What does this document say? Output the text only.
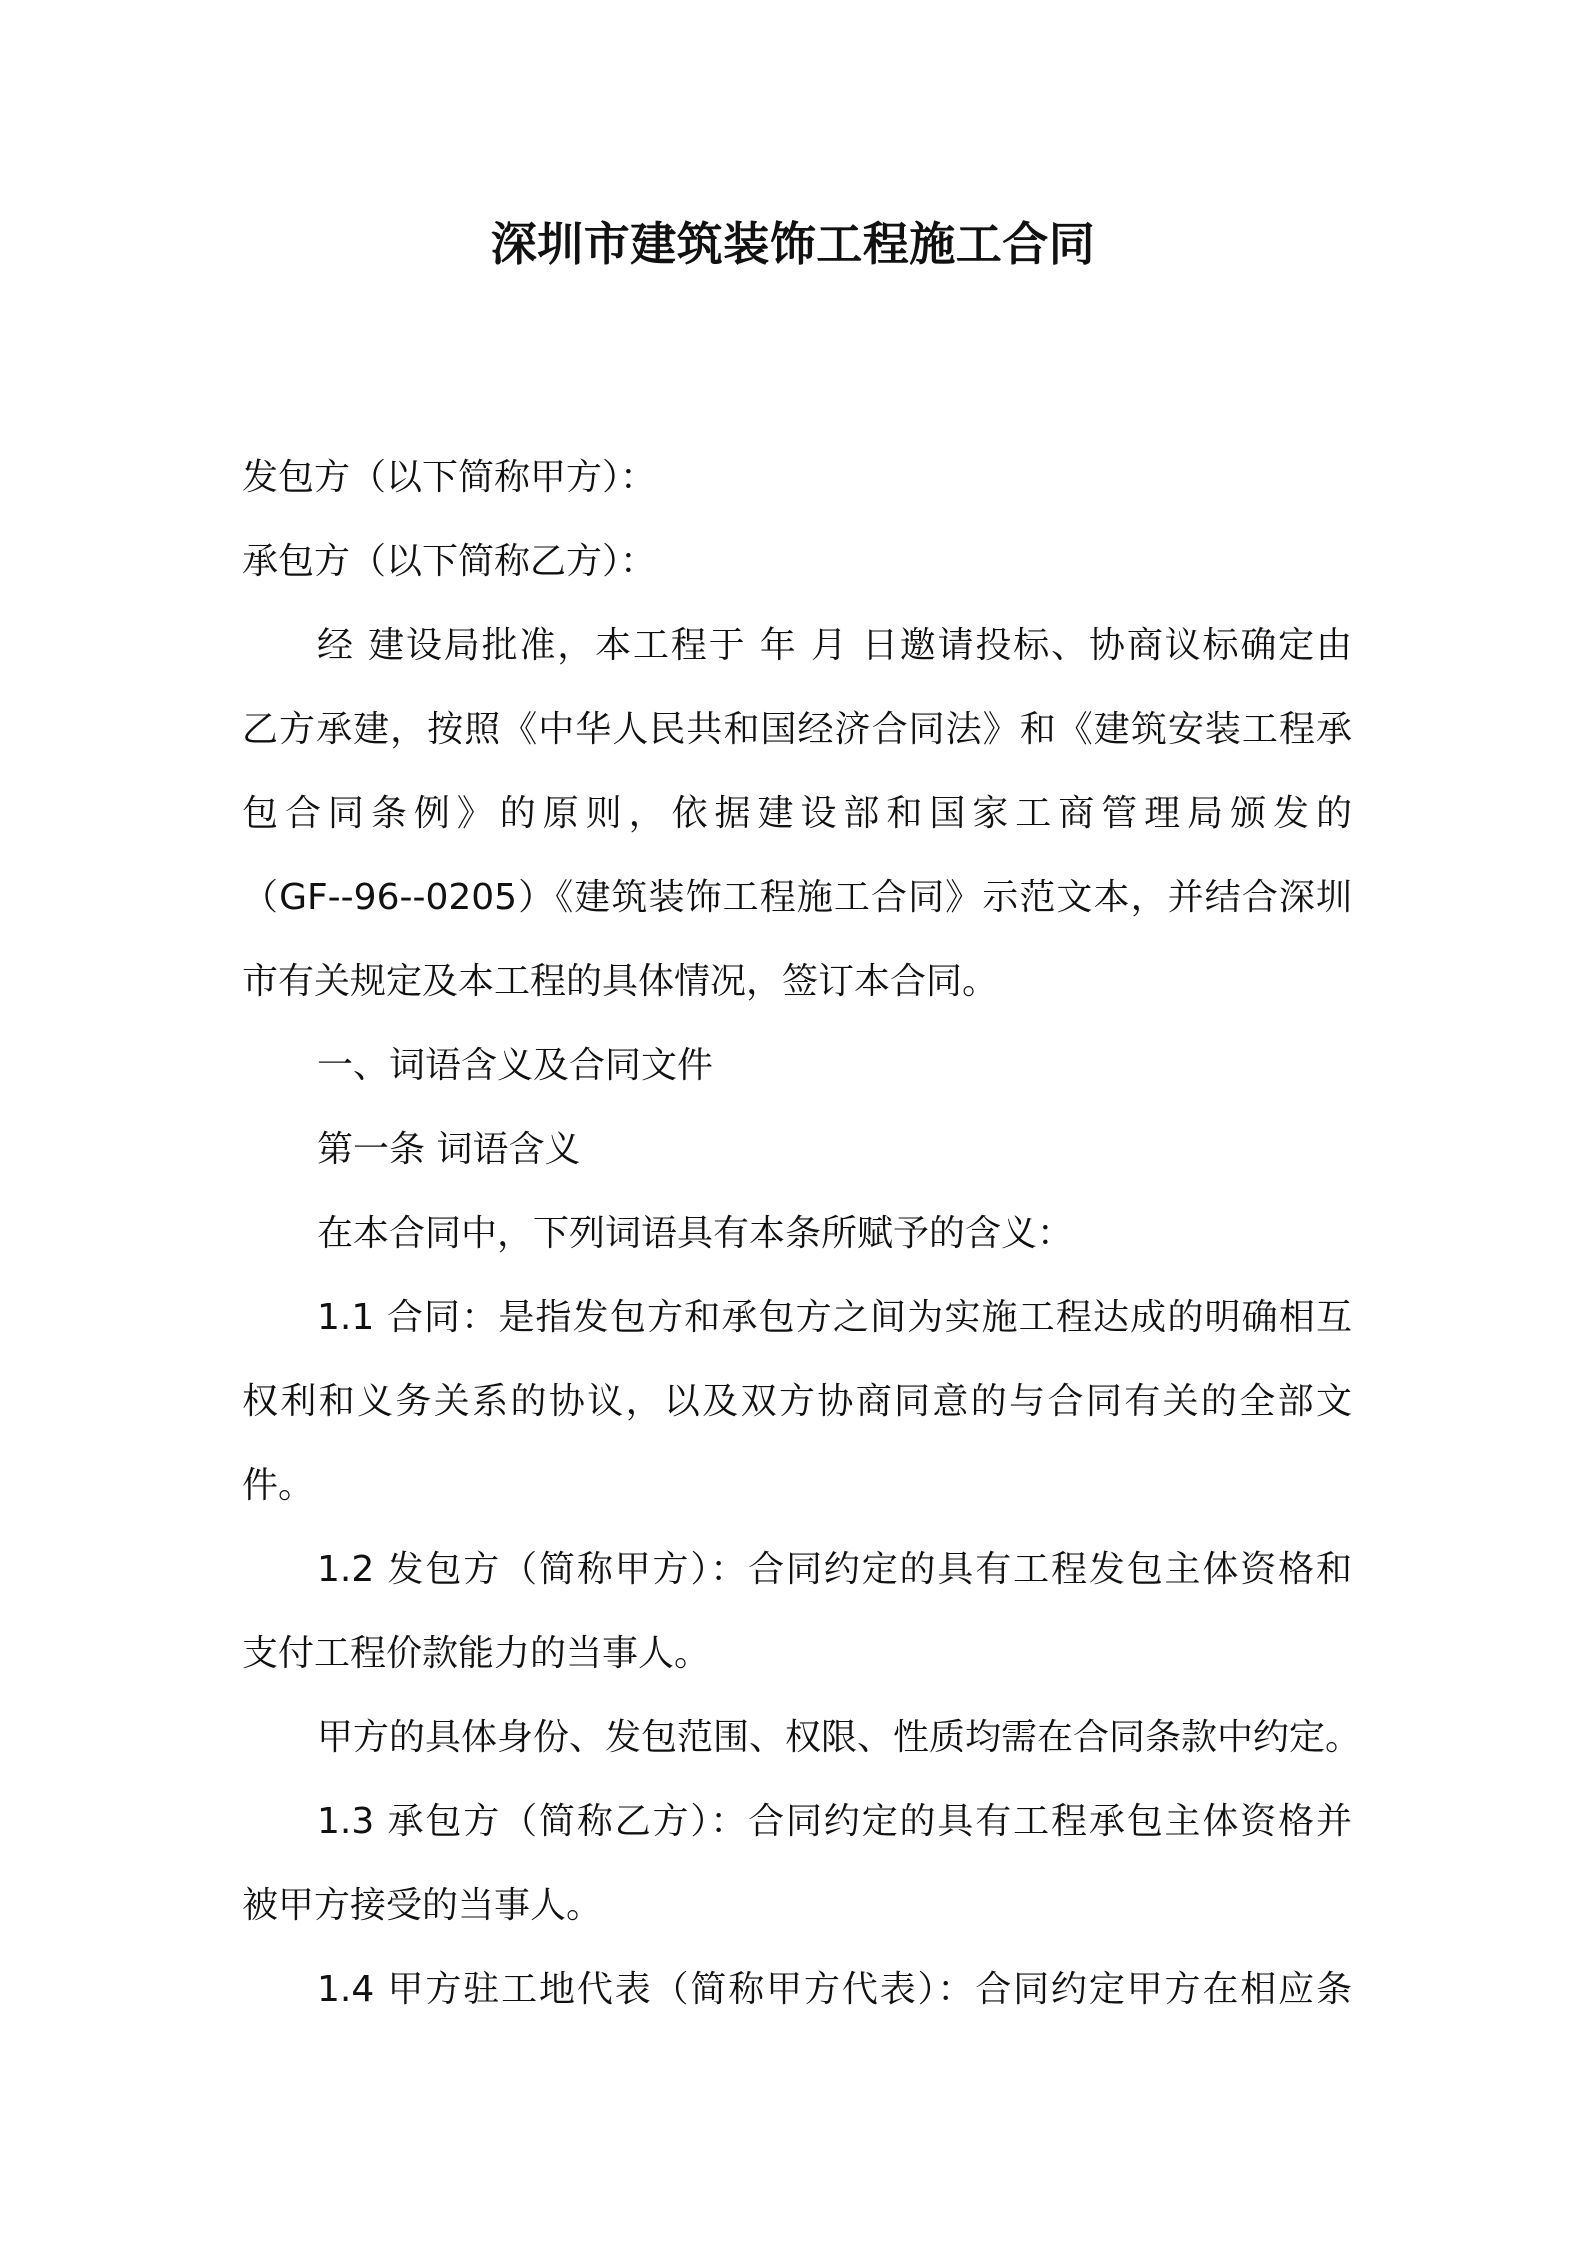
深圳市建筑装饰工程施工合同
发包方（以下简称甲方）：
承包方（以下简称乙方）：
经 建设局批准，本工程于 年 月 日邀请投标、协商议标确定由
乙方承建，按照《中华人民共和国经济合同法》和《建筑安装工程承
包合同条例》的原则，依据建设部和国家工商管理局颁发的
（GF--96--0205）《建筑装饰工程施工合同》示范文本，并结合深圳
市有关规定及本工程的具体情况，签订本合同。
一、词语含义及合同文件
第一条 词语含义
在本合同中，下列词语具有本条所赋予的含义：
1.1 合同：是指发包方和承包方之间为实施工程达成的明确相互
权利和义务关系的协议，以及双方协商同意的与合同有关的全部文
件。
1.2 发包方（简称甲方）：合同约定的具有工程发包主体资格和
支付工程价款能力的当事人。
甲方的具体身份、发包范围、权限、性质均需在合同条款中约定。
1.3 承包方（简称乙方）：合同约定的具有工程承包主体资格并
被甲方接受的当事人。
1.4 甲方驻工地代表（简称甲方代表）：合同约定甲方在相应条
